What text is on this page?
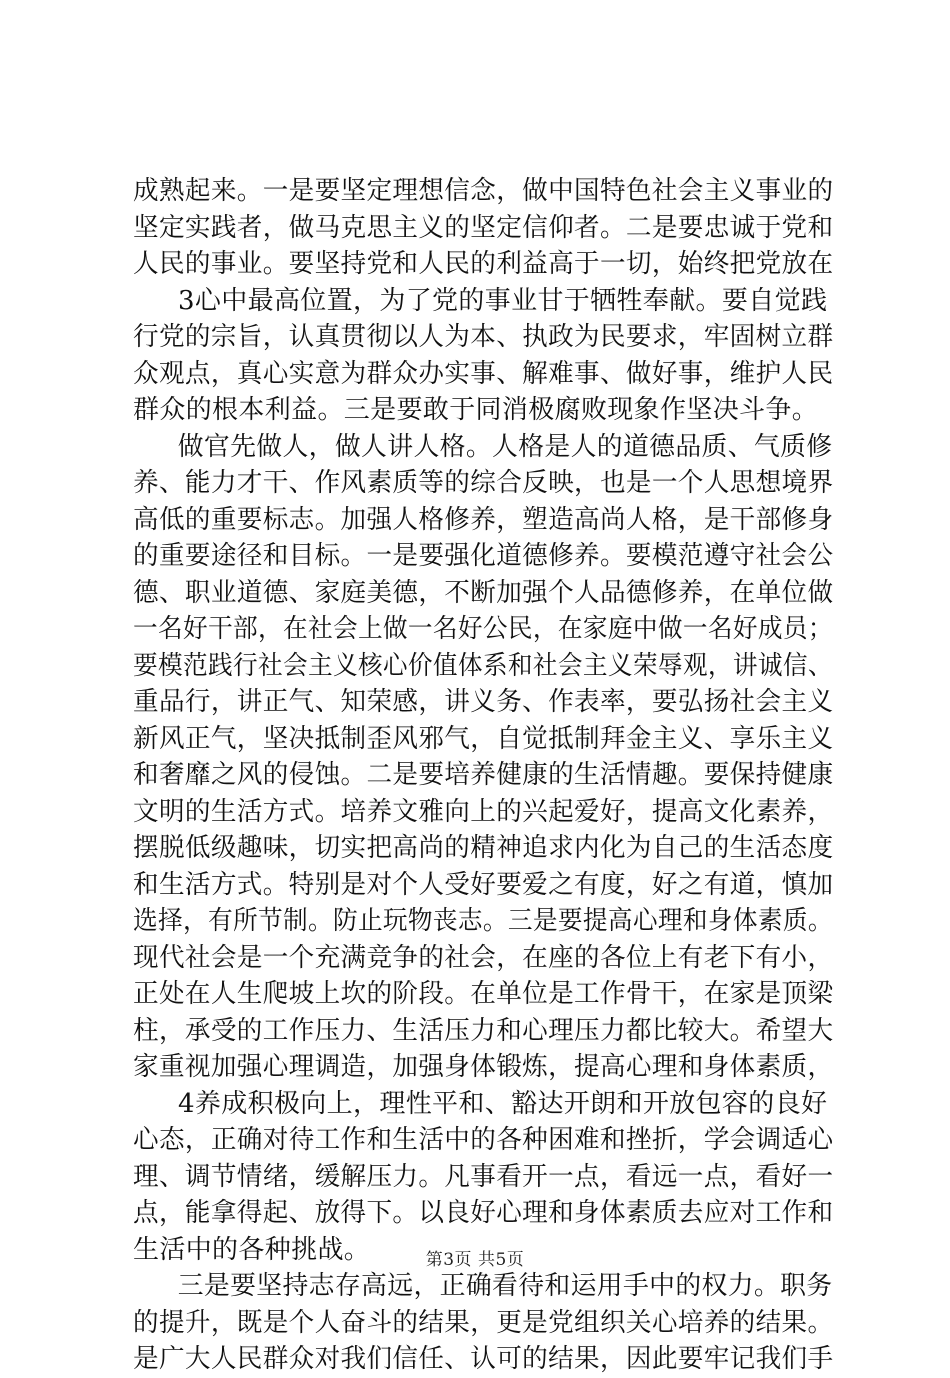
成熟起来。一是要坚定理想信念，做中国特色社会主义事业的
坚定实践者，做马克思主义的坚定信仰者。二是要忠诚于党和
人民的事业。要坚持党和人民的利益高于一切，始终把党放在
3心中最高位置，为了党的事业甘于牺牲奉献。要自觉践
行党的宗旨，认真贯彻以人为本、执政为民要求，牢固树立群
众观点，真心实意为群众办实事、解难事、做好事，维护人民
群众的根本利益。三是要敢于同消极腐败现象作坚决斗争。
做官先做人，做人讲人格。人格是人的道德品质、气质修
养、能力才干、作风素质等的综合反映，也是一个人思想境界
高低的重要标志。加强人格修养，塑造高尚人格，是干部修身
的重要途径和目标。一是要强化道德修养。要模范遵守社会公
德、职业道德、家庭美德，不断加强个人品德修养，在单位做
一名好干部，在社会上做一名好公民，在家庭中做一名好成员；
要模范践行社会主义核心价值体系和社会主义荣辱观，讲诚信、
重品行，讲正气、知荣感，讲义务、作表率，要弘扬社会主义
新风正气，坚决抵制歪风邪气，自觉抵制拜金主义、享乐主义
和奢靡之风的侵蚀。二是要培养健康的生活情趣。要保持健康
文明的生活方式。培养文雅向上的兴起爱好，提高文化素养，
摆脱低级趣味，切实把高尚的精神追求内化为自己的生活态度
和生活方式。特别是对个人受好要爱之有度，好之有道，慎加
选择，有所节制。防止玩物丧志。三是要提高心理和身体素质。
现代社会是一个充满竞争的社会，在座的各位上有老下有小，
正处在人生爬坡上坎的阶段。在单位是工作骨干，在家是顶梁
柱，承受的工作压力、生活压力和心理压力都比较大。希望大
家重视加强心理调造，加强身体锻炼，提高心理和身体素质，
4养成积极向上，理性平和、豁达开朗和开放包容的良好
心态，正确对待工作和生活中的各种困难和挫折，学会调适心
理、调节情绪，缓解压力。凡事看开一点，看远一点，看好一
点，能拿得起、放得下。以良好心理和身体素质去应对工作和
生活中的各种挑战。
三是要坚持志存高远，正确看待和运用手中的权力。职务
的提升，既是个人奋斗的结果，更是党组织关心培养的结果。
是广大人民群众对我们信任、认可的结果，因此要牢记我们手
第3页 共5页
